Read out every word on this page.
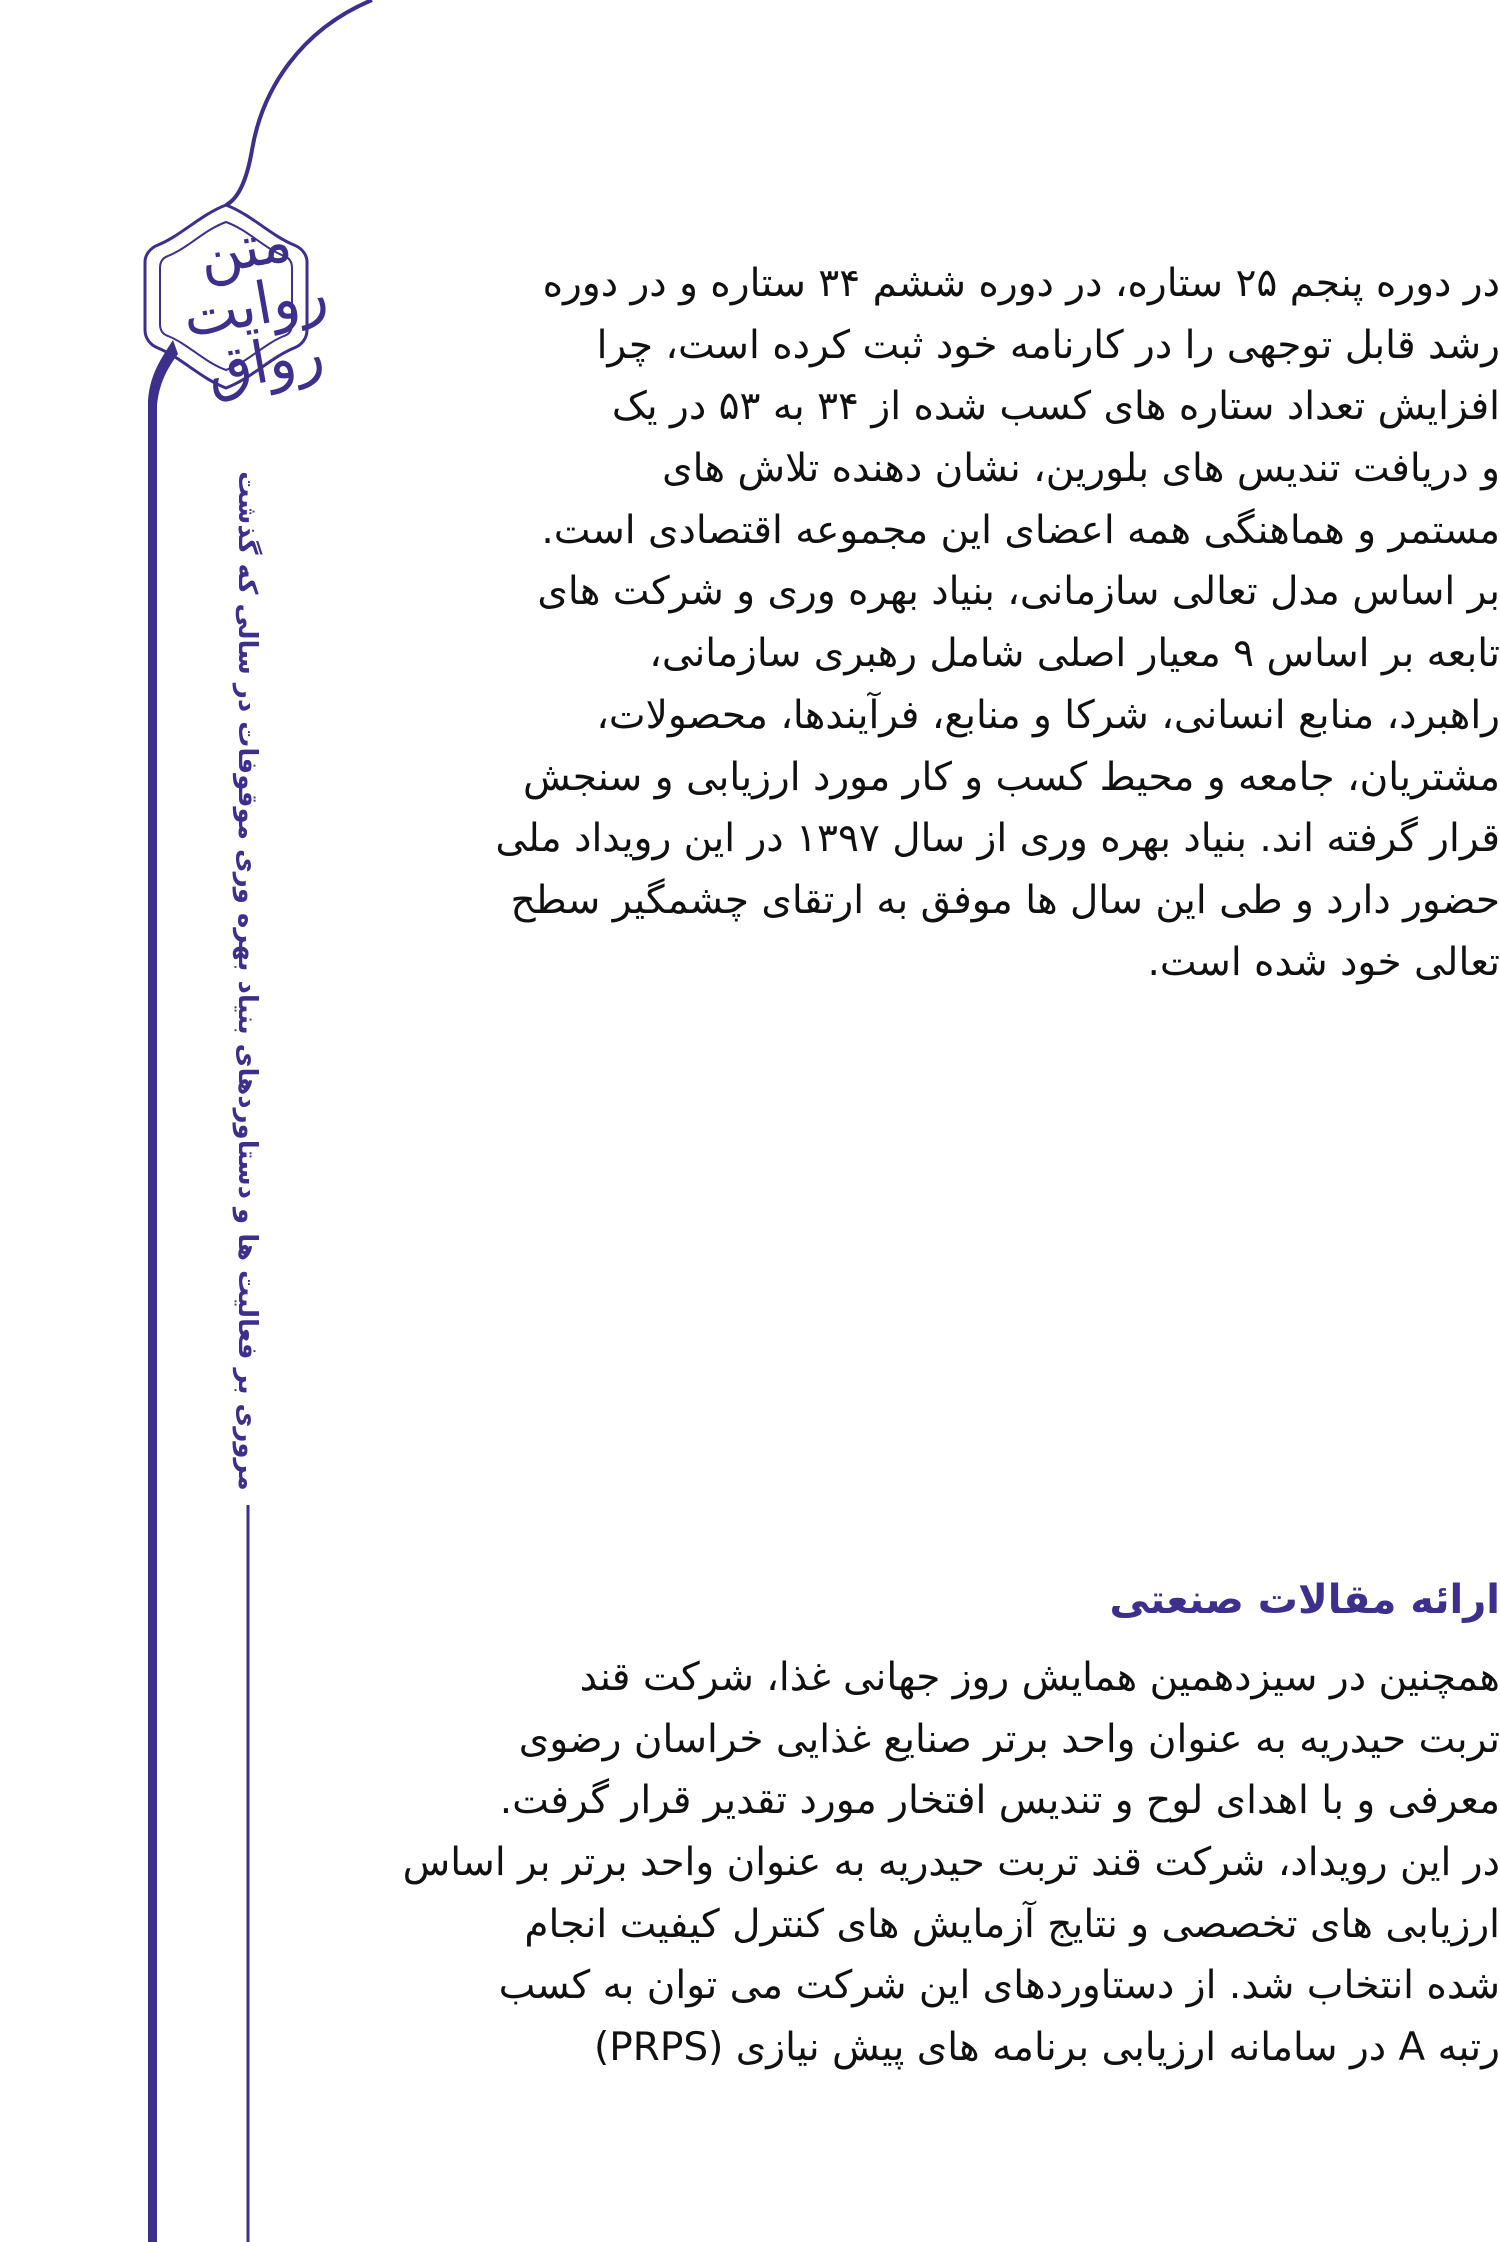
متن روایت رواق
مروری بر فعالیت ها و دستاوردهای بنیاد بهره وری موقوفات در سالی که گذشت
در دوره پنجم ۲۵ ستاره، در دوره ششم ۳۴ ستاره و در دوره
رشد قابل توجهی را در کارنامه خود ثبت کرده است، چرا
افزایش تعداد ستاره های کسب شده از ۳۴ به ۵۳ در یک
و دریافت تندیس های بلورین، نشان دهنده تلاش های
مستمر و هماهنگی همه اعضای این مجموعه اقتصادی است.
بر اساس مدل تعالی سازمانی، بنیاد بهره وری و شرکت های
تابعه بر اساس ۹ معیار اصلی شامل رهبری سازمانی،
راهبرد، منابع انسانی، شرکا و منابع، فرآیندها، محصولات،
مشتریان، جامعه و محیط کسب و کار مورد ارزیابی و سنجش
قرار گرفته اند. بنیاد بهره وری از سال ۱۳۹۷ در این رویداد ملی
حضور دارد و طی این سال ها موفق به ارتقای چشمگیر سطح
تعالی خود شده است.
ارائه مقالات صنعتی
همچنین در سیزدهمین همایش روز جهانی غذا، شرکت قند
تربت حیدریه به عنوان واحد برتر صنایع غذایی خراسان رضوی
معرفی و با اهدای لوح و تندیس افتخار مورد تقدیر قرار گرفت.
در این رویداد، شرکت قند تربت حیدریه به عنوان واحد برتر بر اساس
ارزیابی های تخصصی و نتایج آزمایش های کنترل کیفیت انجام
شده انتخاب شد. از دستاوردهای این شرکت می توان به کسب
رتبه A در سامانه ارزیابی برنامه های پیش نیازی (PRPS)
